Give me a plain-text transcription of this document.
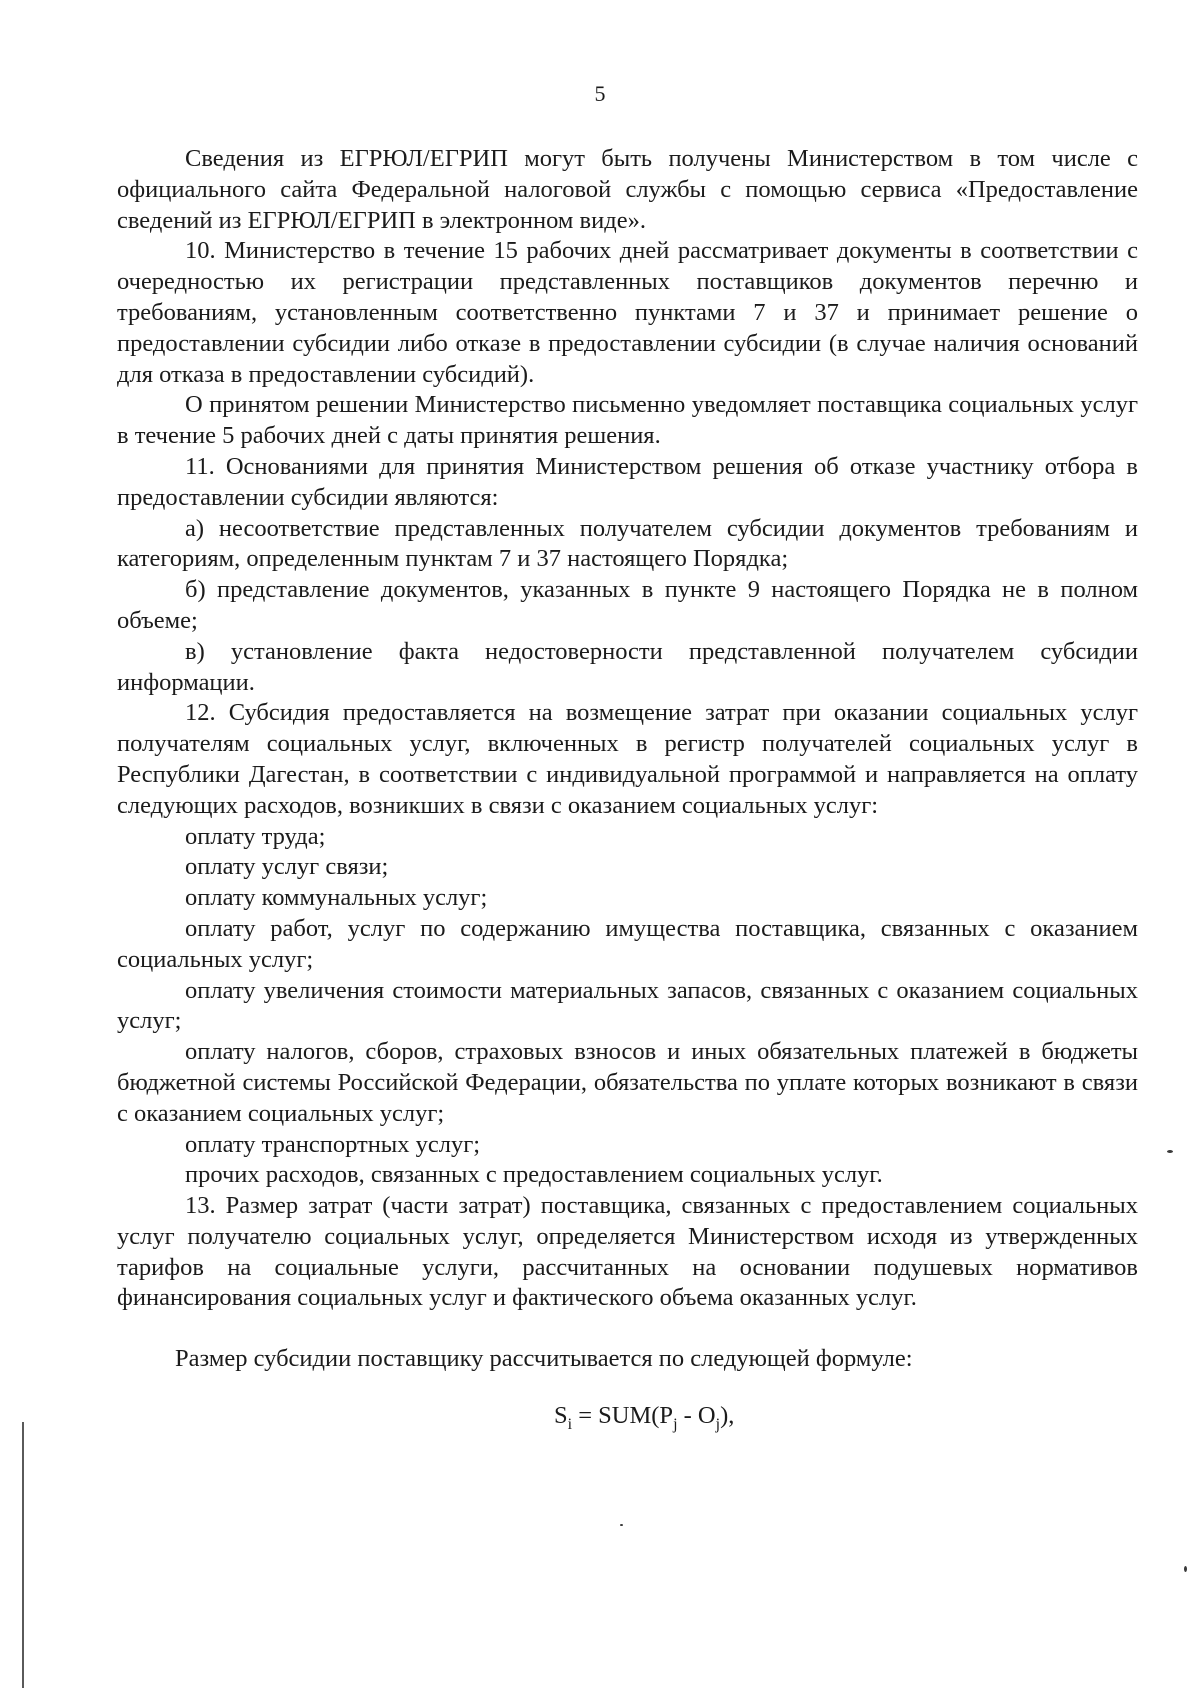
5

Сведения из ЕГРЮЛ/ЕГРИП могут быть получены Министерством в том числе с официального сайта Федеральной налоговой службы с помощью сервиса «Предоставление сведений из ЕГРЮЛ/ЕГРИП в электронном виде».

10. Министерство в течение 15 рабочих дней рассматривает документы в соответствии с очередностью их регистрации представленных поставщиков документов перечню и требованиям, установленным соответственно пунктами 7 и 37 и принимает решение о предоставлении субсидии либо отказе в предоставлении субсидии (в случае наличия оснований для отказа в предоставлении субсидий).

О принятом решении Министерство письменно уведомляет поставщика социальных услуг в течение 5 рабочих дней с даты принятия решения.

11. Основаниями для принятия Министерством решения об отказе участнику отбора в предоставлении субсидии являются:

а) несоответствие представленных получателем субсидии документов требованиям и категориям, определенным пунктам 7 и 37 настоящего Порядка;

б) представление документов, указанных в пункте 9 настоящего Порядка не в полном объеме;

в) установление факта недостоверности представленной получателем субсидии информации.

12. Субсидия предоставляется на возмещение затрат при оказании социальных услуг получателям социальных услуг, включенных в регистр получателей социальных услуг в Республики Дагестан, в соответствии с индивидуальной программой и направляется на оплату следующих расходов, возникших в связи с оказанием социальных услуг:

оплату труда;

оплату услуг связи;

оплату коммунальных услуг;

оплату работ, услуг по содержанию имущества поставщика, связанных с оказанием социальных услуг;

оплату увеличения стоимости материальных запасов, связанных с оказанием социальных услуг;

оплату налогов, сборов, страховых взносов и иных обязательных платежей в бюджеты бюджетной системы Российской Федерации, обязательства по уплате которых возникают в связи с оказанием социальных услуг;

оплату транспортных услуг;

прочих расходов, связанных с предоставлением социальных услуг.

13. Размер затрат (части затрат) поставщика, связанных с предоставлением социальных услуг получателю социальных услуг, определяется Министерством исходя из утвержденных тарифов на социальные услуги, рассчитанных на основании подушевых нормативов финансирования социальных услуг и фактического объема оказанных услуг.

Размер субсидии поставщику рассчитывается по следующей формуле:

$S_i = SUM(P_j - O_j)$,
